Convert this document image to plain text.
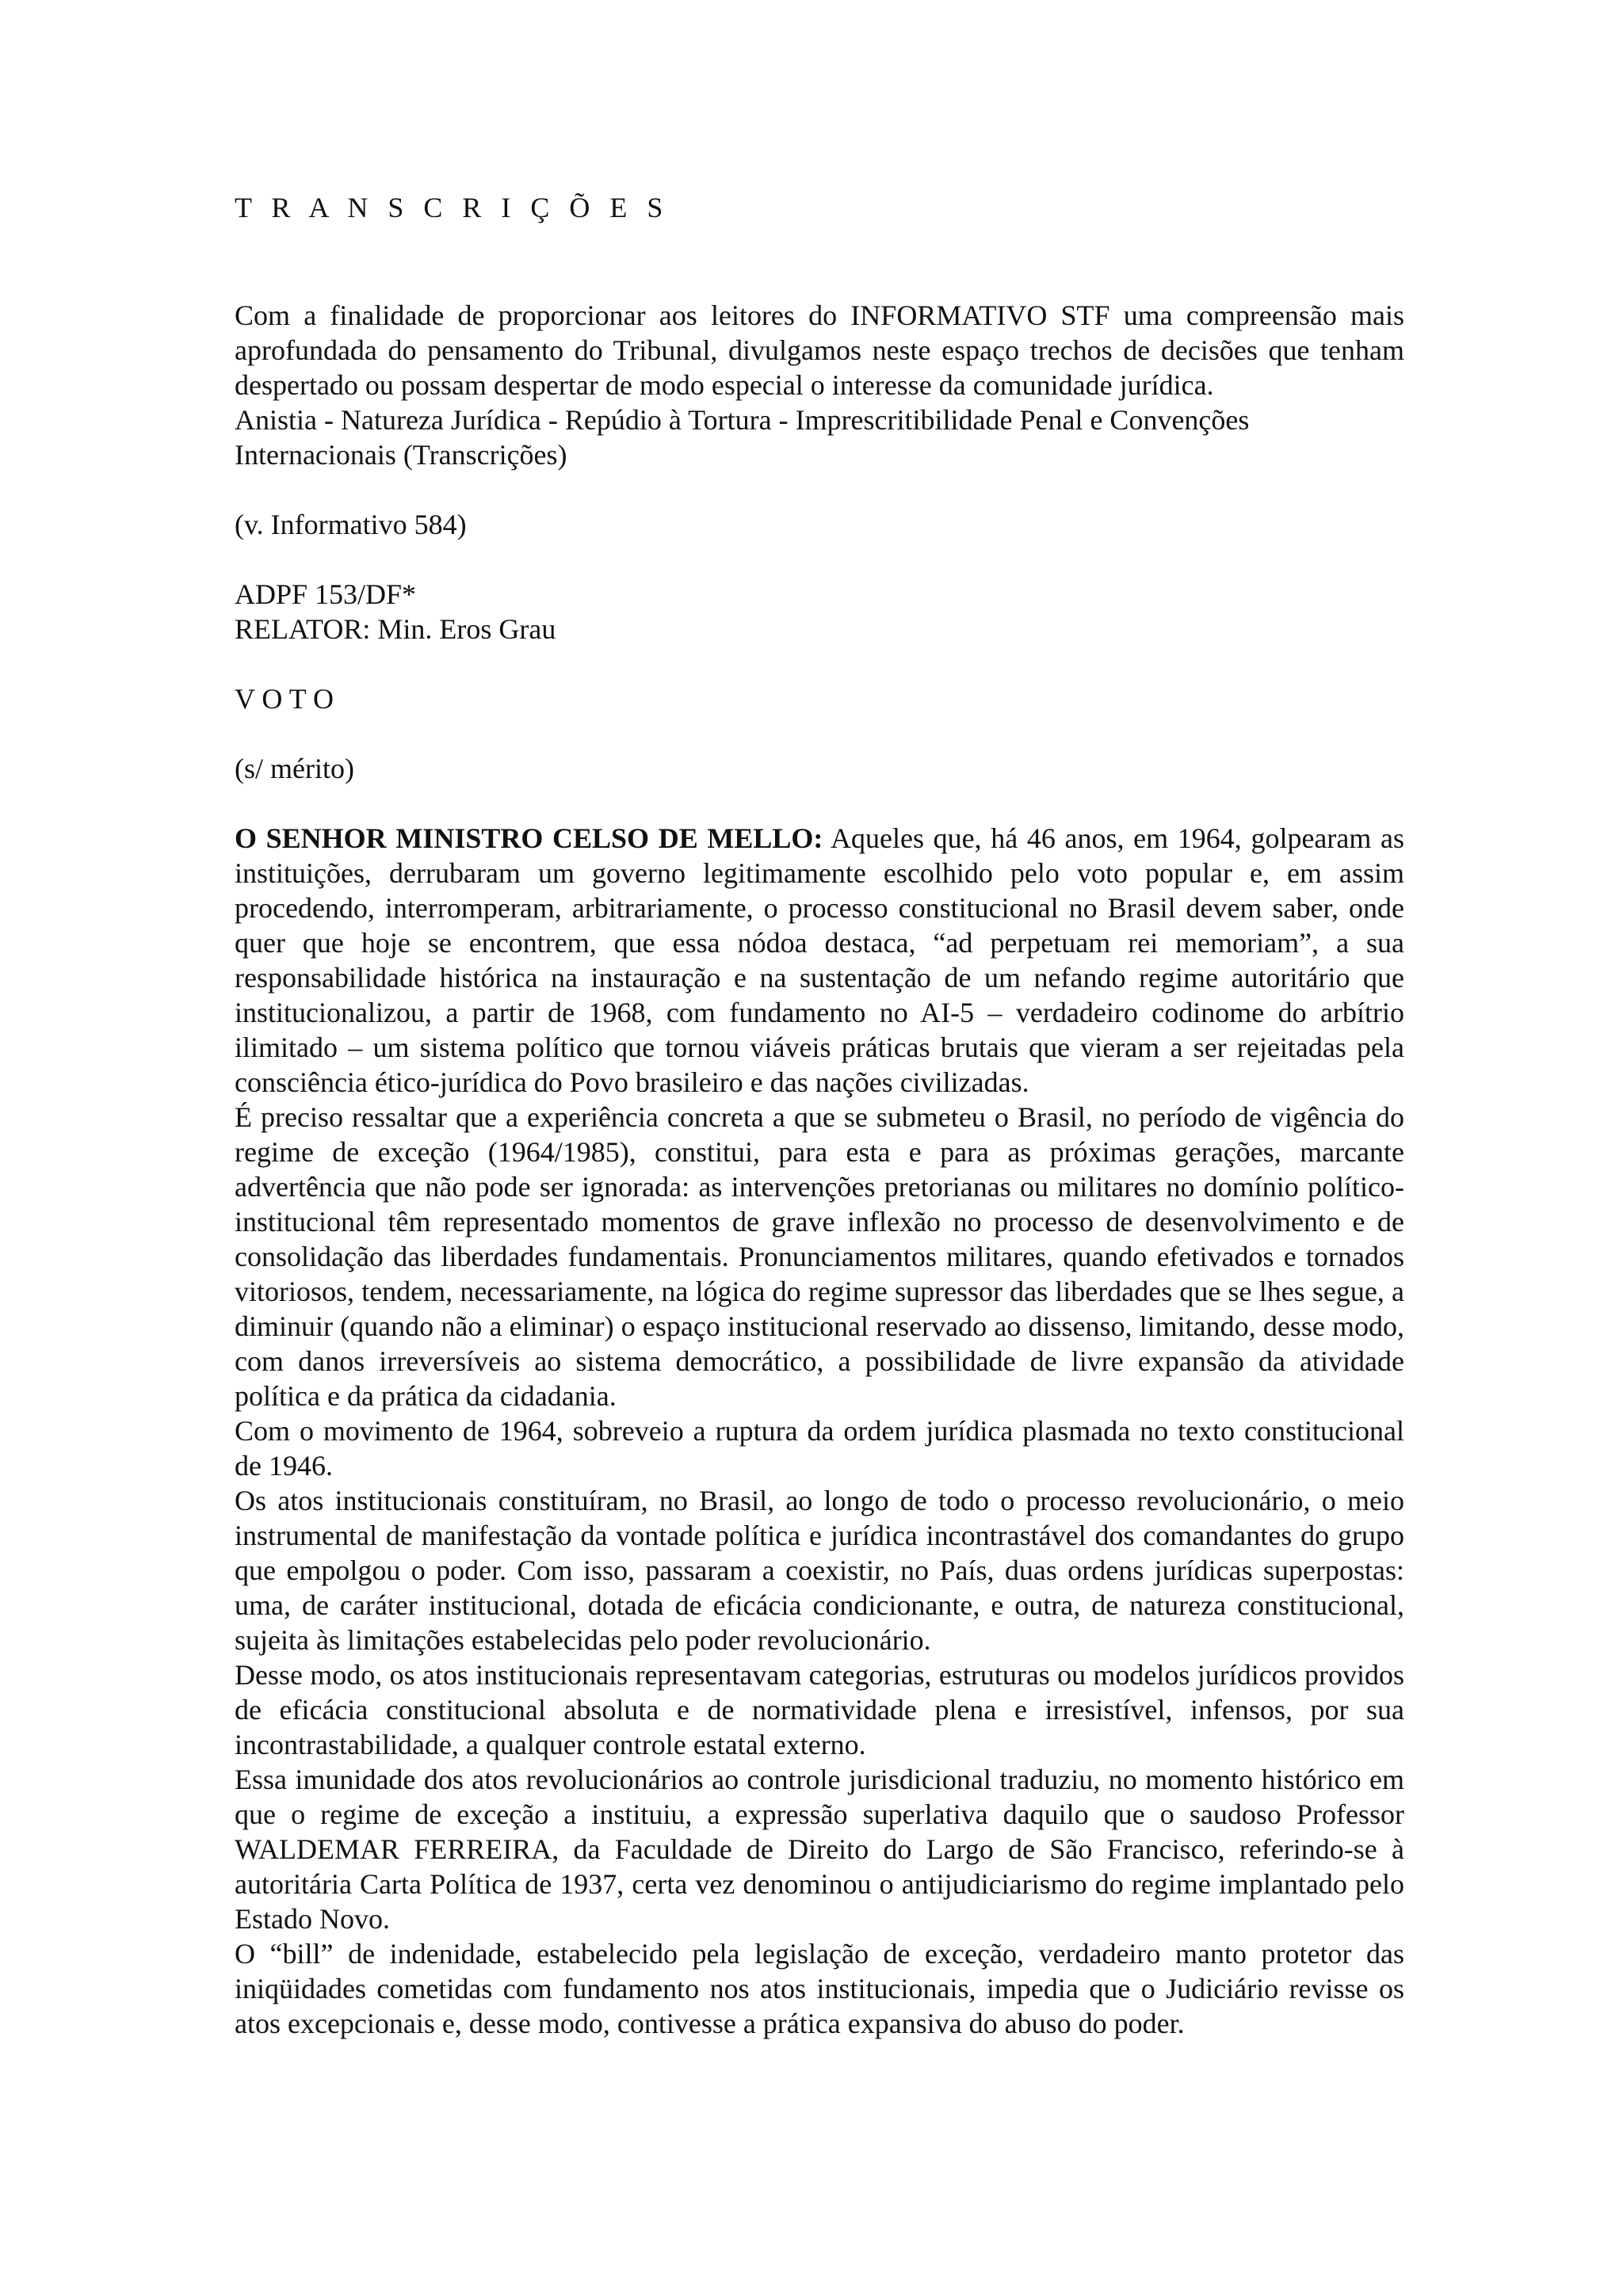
T R A N S C R I Ç Õ E S

Com a finalidade de proporcionar aos leitores do INFORMATIVO STF uma compreensão mais aprofundada do pensamento do Tribunal, divulgamos neste espaço trechos de decisões que tenham despertado ou possam despertar de modo especial o interesse da comunidade jurídica.

Anistia - Natureza Jurídica - Repúdio à Tortura - Imprescritibilidade Penal e Convenções
Internacionais (Transcrições)
(v. Informativo 584)
ADPF 153/DF*
RELATOR: Min. Eros Grau
V O T O
(s/ mérito)

O SENHOR MINISTRO CELSO DE MELLO: Aqueles que, há 46 anos, em 1964, golpearam as instituições, derrubaram um governo legitimamente escolhido pelo voto popular e, em assim procedendo, interromperam, arbitrariamente, o processo constitucional no Brasil devem saber, onde quer que hoje se encontrem, que essa nódoa destaca, “ad perpetuam rei memoriam”, a sua responsabilidade histórica na instauração e na sustentação de um nefando regime autoritário que institucionalizou, a partir de 1968, com fundamento no AI-5 – verdadeiro codinome do arbítrio ilimitado – um sistema político que tornou viáveis práticas brutais que vieram a ser rejeitadas pela consciência ético-jurídica do Povo brasileiro e das nações civilizadas.

É preciso ressaltar que a experiência concreta a que se submeteu o Brasil, no período de vigência do regime de exceção (1964/1985), constitui, para esta e para as próximas gerações, marcante advertência que não pode ser ignorada: as intervenções pretorianas ou militares no domínio político-institucional têm representado momentos de grave inflexão no processo de desenvolvimento e de consolidação das liberdades fundamentais. Pronunciamentos militares, quando efetivados e tornados vitoriosos, tendem, necessariamente, na lógica do regime supressor das liberdades que se lhes segue, a diminuir (quando não a eliminar) o espaço institucional reservado ao dissenso, limitando, desse modo, com danos irreversíveis ao sistema democrático, a possibilidade de livre expansão da atividade política e da prática da cidadania.

Com o movimento de 1964, sobreveio a ruptura da ordem jurídica plasmada no texto constitucional de 1946.

Os atos institucionais constituíram, no Brasil, ao longo de todo o processo revolucionário, o meio instrumental de manifestação da vontade política e jurídica incontrastável dos comandantes do grupo que empolgou o poder. Com isso, passaram a coexistir, no País, duas ordens jurídicas superpostas: uma, de caráter institucional, dotada de eficácia condicionante, e outra, de natureza constitucional, sujeita às limitações estabelecidas pelo poder revolucionário.

Desse modo, os atos institucionais representavam categorias, estruturas ou modelos jurídicos providos de eficácia constitucional absoluta e de normatividade plena e irresistível, infensos, por sua incontrastabilidade, a qualquer controle estatal externo.

Essa imunidade dos atos revolucionários ao controle jurisdicional traduziu, no momento histórico em que o regime de exceção a instituiu, a expressão superlativa daquilo que o saudoso Professor WALDEMAR FERREIRA, da Faculdade de Direito do Largo de São Francisco, referindo-se à autoritária Carta Política de 1937, certa vez denominou o antijudiciarismo do regime implantado pelo Estado Novo.

O “bill” de indenidade, estabelecido pela legislação de exceção, verdadeiro manto protetor das iniqüidades cometidas com fundamento nos atos institucionais, impedia que o Judiciário revisse os atos excepcionais e, desse modo, contivesse a prática expansiva do abuso do poder.
